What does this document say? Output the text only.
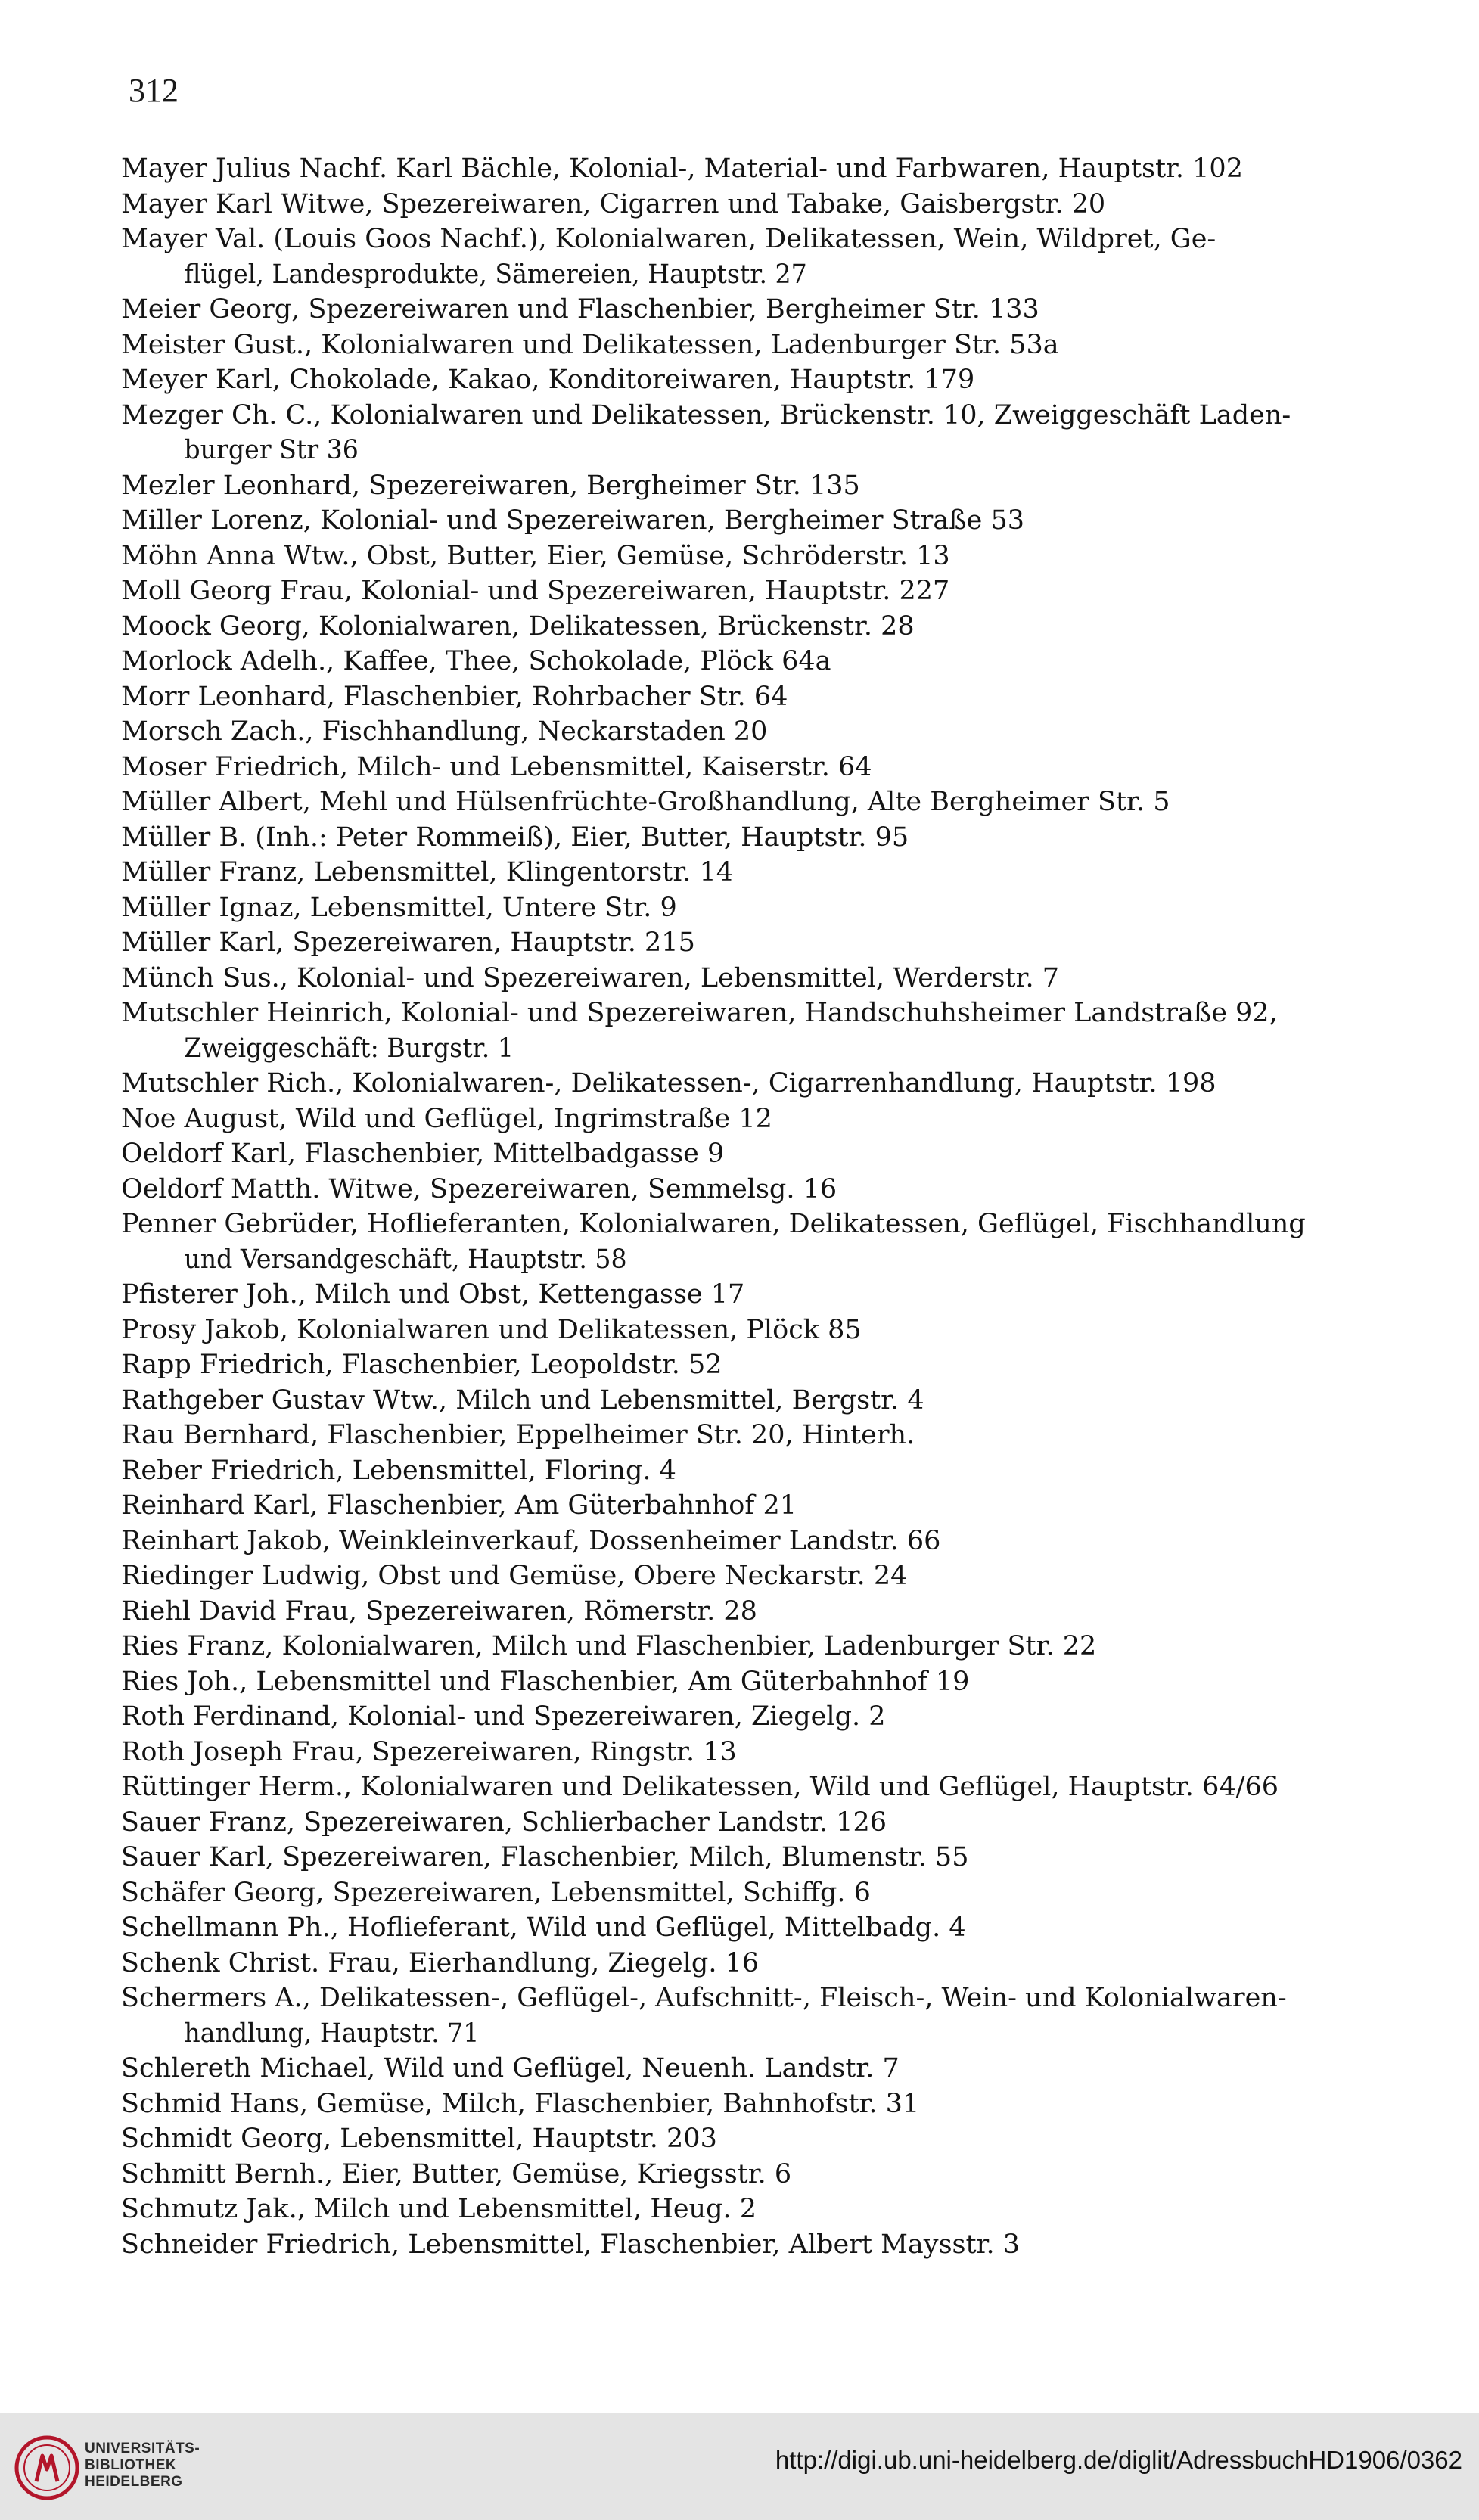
312
Mayer Julius Nachf. Karl Bächle, Kolonial-, Material- und Farbwaren, Hauptstr. 102
Mayer Karl Witwe, Spezereiwaren, Cigarren und Tabake, Gaisbergstr. 20
Mayer Val. (Louis Goos Nachf.), Kolonialwaren, Delikatessen, Wein, Wildpret, Ge-
flügel, Landesprodukte, Sämereien, Hauptstr. 27
Meier Georg, Spezereiwaren und Flaschenbier, Bergheimer Str. 133
Meister Gust., Kolonialwaren und Delikatessen, Ladenburger Str. 53a
Meyer Karl, Chokolade, Kakao, Konditoreiwaren, Hauptstr. 179
Mezger Ch. C., Kolonialwaren und Delikatessen, Brückenstr. 10, Zweiggeschäft Laden-
burger Str 36
Mezler Leonhard, Spezereiwaren, Bergheimer Str. 135
Miller Lorenz, Kolonial- und Spezereiwaren, Bergheimer Straße 53
Möhn Anna Wtw., Obst, Butter, Eier, Gemüse, Schröderstr. 13
Moll Georg Frau, Kolonial- und Spezereiwaren, Hauptstr. 227
Moock Georg, Kolonialwaren, Delikatessen, Brückenstr. 28
Morlock Adelh., Kaffee, Thee, Schokolade, Plöck 64a
Morr Leonhard, Flaschenbier, Rohrbacher Str. 64
Morsch Zach., Fischhandlung, Neckarstaden 20
Moser Friedrich, Milch- und Lebensmittel, Kaiserstr. 64
Müller Albert, Mehl und Hülsenfrüchte-Großhandlung, Alte Bergheimer Str. 5
Müller B. (Inh.: Peter Rommeiß), Eier, Butter, Hauptstr. 95
Müller Franz, Lebensmittel, Klingentorstr. 14
Müller Ignaz, Lebensmittel, Untere Str. 9
Müller Karl, Spezereiwaren, Hauptstr. 215
Münch Sus., Kolonial- und Spezereiwaren, Lebensmittel, Werderstr. 7
Mutschler Heinrich, Kolonial- und Spezereiwaren, Handschuhsheimer Landstraße 92,
Zweiggeschäft: Burgstr. 1
Mutschler Rich., Kolonialwaren-, Delikatessen-, Cigarrenhandlung, Hauptstr. 198
Noe August, Wild und Geflügel, Ingrimstraße 12
Oeldorf Karl, Flaschenbier, Mittelbadgasse 9
Oeldorf Matth. Witwe, Spezereiwaren, Semmelsg. 16
Penner Gebrüder, Hoflieferanten, Kolonialwaren, Delikatessen, Geflügel, Fischhandlung
und Versandgeschäft, Hauptstr. 58
Pfisterer Joh., Milch und Obst, Kettengasse 17
Prosy Jakob, Kolonialwaren und Delikatessen, Plöck 85
Rapp Friedrich, Flaschenbier, Leopoldstr. 52
Rathgeber Gustav Wtw., Milch und Lebensmittel, Bergstr. 4
Rau Bernhard, Flaschenbier, Eppelheimer Str. 20, Hinterh.
Reber Friedrich, Lebensmittel, Floring. 4
Reinhard Karl, Flaschenbier, Am Güterbahnhof 21
Reinhart Jakob, Weinkleinverkauf, Dossenheimer Landstr. 66
Riedinger Ludwig, Obst und Gemüse, Obere Neckarstr. 24
Riehl David Frau, Spezereiwaren, Römerstr. 28
Ries Franz, Kolonialwaren, Milch und Flaschenbier, Ladenburger Str. 22
Ries Joh., Lebensmittel und Flaschenbier, Am Güterbahnhof 19
Roth Ferdinand, Kolonial- und Spezereiwaren, Ziegelg. 2
Roth Joseph Frau, Spezereiwaren, Ringstr. 13
Rüttinger Herm., Kolonialwaren und Delikatessen, Wild und Geflügel, Hauptstr. 64/66
Sauer Franz, Spezereiwaren, Schlierbacher Landstr. 126
Sauer Karl, Spezereiwaren, Flaschenbier, Milch, Blumenstr. 55
Schäfer Georg, Spezereiwaren, Lebensmittel, Schiffg. 6
Schellmann Ph., Hoflieferant, Wild und Geflügel, Mittelbadg. 4
Schenk Christ. Frau, Eierhandlung, Ziegelg. 16
Schermers A., Delikatessen-, Geflügel-, Aufschnitt-, Fleisch-, Wein- und Kolonialwaren-
handlung, Hauptstr. 71
Schlereth Michael, Wild und Geflügel, Neuenh. Landstr. 7
Schmid Hans, Gemüse, Milch, Flaschenbier, Bahnhofstr. 31
Schmidt Georg, Lebensmittel, Hauptstr. 203
Schmitt Bernh., Eier, Butter, Gemüse, Kriegsstr. 6
Schmutz Jak., Milch und Lebensmittel, Heug. 2
Schneider Friedrich, Lebensmittel, Flaschenbier, Albert Maysstr. 3
UNIVERSITÄTS-
BIBLIOTHEK
HEIDELBERG
http://digi.ub.uni-heidelberg.de/diglit/AdressbuchHD1906/0362
